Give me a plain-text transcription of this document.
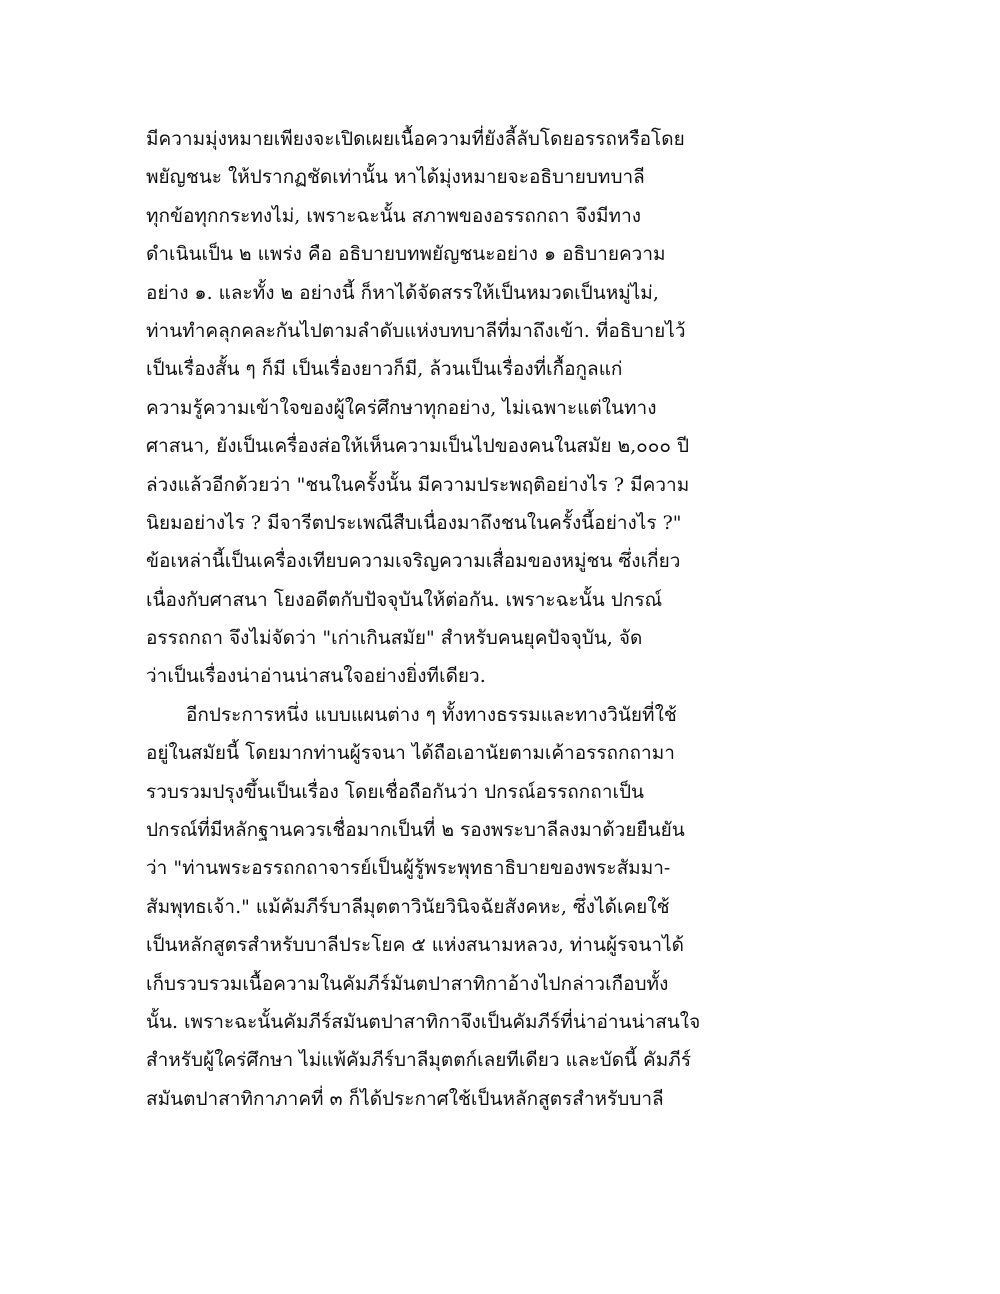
มีความมุ่งหมายเพียงจะเปิดเผยเนื้อความที่ยังลี้ลับโดยอรรถหรือโดย
พยัญชนะ ให้ปรากฏชัดเท่านั้น หาได้มุ่งหมายจะอธิบายบทบาลี
ทุกข้อทุกกระทงไม่, เพราะฉะนั้น สภาพของอรรถกถา จึงมีทาง
ดำเนินเป็น ๒ แพร่ง คือ อธิบายบทพยัญชนะอย่าง ๑ อธิบายความ
อย่าง ๑. และทั้ง ๒ อย่างนี้ ก็หาได้จัดสรรให้เป็นหมวดเป็นหมู่ไม่,
ท่านทำคลุกคละกันไปตามลำดับแห่งบทบาลีที่มาถึงเข้า. ที่อธิบายไว้
เป็นเรื่องสั้น ๆ ก็มี เป็นเรื่องยาวก็มี, ล้วนเป็นเรื่องที่เกื้อกูลแก่
ความรู้ความเข้าใจของผู้ใคร่ศึกษาทุกอย่าง, ไม่เฉพาะแต่ในทาง
ศาสนา, ยังเป็นเครื่องส่อให้เห็นความเป็นไปของคนในสมัย ๒,๐๐๐ ปี
ล่วงแล้วอีกด้วยว่า "ชนในครั้งนั้น มีความประพฤติอย่างไร ? มีความ
นิยมอย่างไร ? มีจารีตประเพณีสืบเนื่องมาถึงชนในครั้งนี้อย่างไร ?"
ข้อเหล่านี้เป็นเครื่องเทียบความเจริญความเสื่อมของหมู่ชน ซึ่งเกี่ยว
เนื่องกับศาสนา โยงอดีตกับปัจจุบันให้ต่อกัน. เพราะฉะนั้น ปกรณ์
อรรถกถา จึงไม่จัดว่า "เก่าเกินสมัย" สำหรับคนยุคปัจจุบัน, จัด
ว่าเป็นเรื่องน่าอ่านน่าสนใจอย่างยิ่งทีเดียว.
อีกประการหนึ่ง แบบแผนต่าง ๆ ทั้งทางธรรมและทางวินัยที่ใช้
อยู่ในสมัยนี้ โดยมากท่านผู้รจนา ได้ถือเอานัยตามเค้าอรรถกถามา
รวบรวมปรุงขึ้นเป็นเรื่อง โดยเชื่อถือกันว่า ปกรณ์อรรถกถาเป็น
ปกรณ์ที่มีหลักฐานควรเชื่อมากเป็นที่ ๒ รองพระบาลีลงมาด้วยยืนยัน
ว่า "ท่านพระอรรถกถาจารย์เป็นผู้รู้พระพุทธาธิบายของพระสัมมา-
สัมพุทธเจ้า." แม้คัมภีร์บาลีมุตตาวินัยวินิจฉัยสังคหะ, ซึ่งได้เคยใช้
เป็นหลักสูตรสำหรับบาลีประโยค ๕ แห่งสนามหลวง, ท่านผู้รจนาได้
เก็บรวบรวมเนื้อความในคัมภีร์มันตปาสาทิกาอ้างไปกล่าวเกือบทั้ง
นั้น. เพราะฉะนั้นคัมภีร์สมันตปาสาทิกาจึงเป็นคัมภีร์ที่น่าอ่านน่าสนใจ
สำหรับผู้ใคร่ศึกษา ไม่แพ้คัมภีร์บาลีมุตตก์เลยทีเดียว และบัดนี้ คัมภีร์
สมันตปาสาทิกาภาคที่ ๓ ก็ได้ประกาศใช้เป็นหลักสูตรสำหรับบาลี
